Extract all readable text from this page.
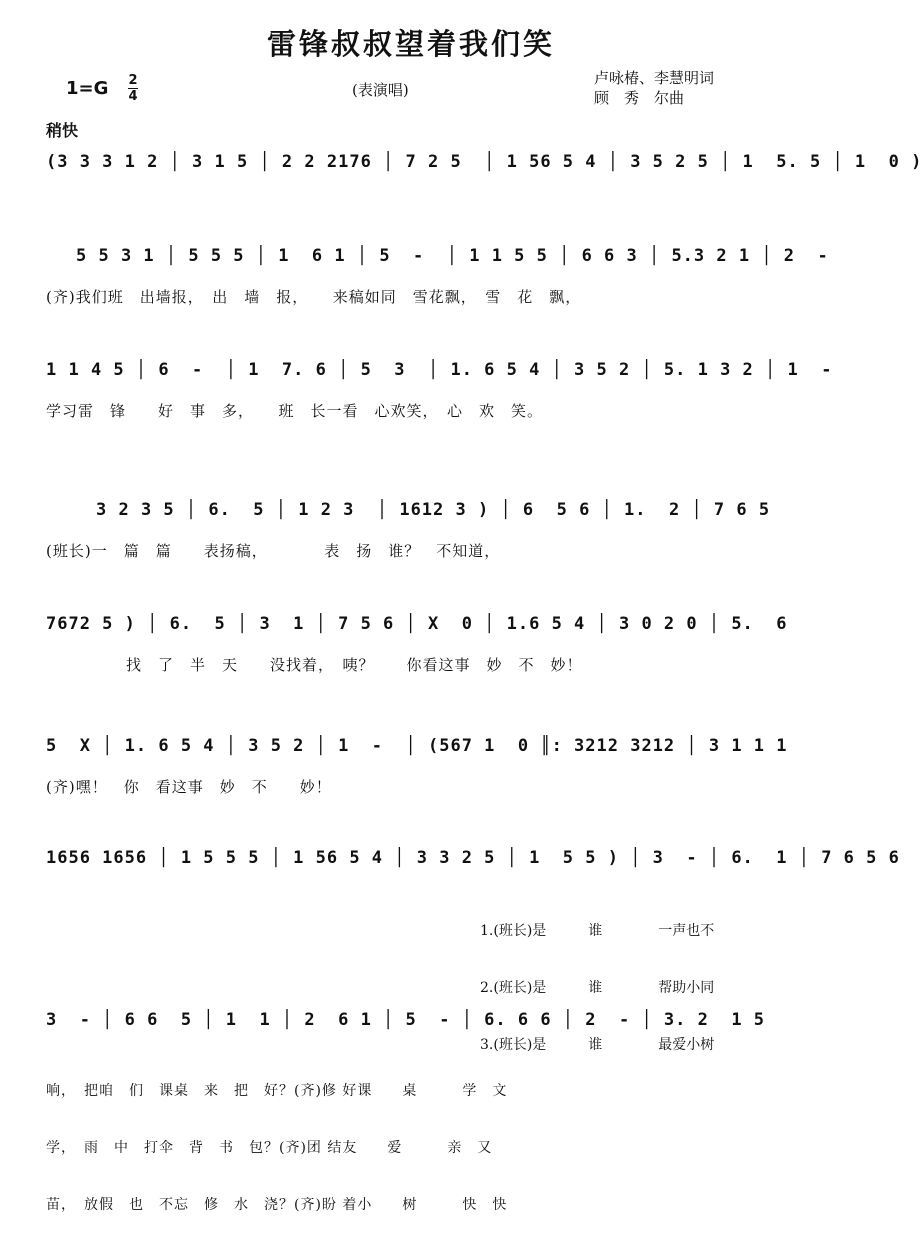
雷锋叔叔望着我们笑
1=G 2
4	(表演唱)
卢咏椿、李慧明词
顾　秀　尔曲
稍快
(3 3 3 1 2 │ 3 1 5 │ 2 2 2176 │ 7 2 5  │ 1 56 5 4 │ 3 5 2 5 │ 1  5. 5 │ 1  0 )
5 5 3 1 │ 5 5 5 │ 1  6 1 │ 5  -  │ 1 1 5 5 │ 6 6 3 │ 5.3 2 1 │ 2  -
(齐)我们班　出墙报，　出　墙　报，　　来稿如同　雪花飘，　雪　花　飘，
1 1 4 5 │ 6  -  │ 1  7. 6 │ 5  3  │ 1. 6 5 4 │ 3 5 2 │ 5. 1 3 2 │ 1  -
学习雷　锋　　好　事　多，　　班　长一看　心欢笑，　心　欢　笑。
3 2 3 5 │ 6.  5 │ 1 2 3  │ 1612 3 ) │ 6  5 6 │ 1.  2 │ 7 6 5
(班长)一　篇　篇　　表扬稿，　　　　表　扬　谁？　不知道，
7672 5 ) │ 6.  5 │ 3  1 │ 7 5 6 │ X  0 │ 1.6 5 4 │ 3 0 2 0 │ 5.  6
　　　　　找　了　半　天　　没找着，　咦？　　你看这事　妙　不　妙！
5  X │ 1. 6 5 4 │ 3 5 2 │ 1  -  │ (567 1  0 ║: 3212 3212 │ 3 1 1 1
(齐)嘿！　你　看这事　妙　不　　妙！
1656 1656 │ 1 5 5 5 │ 1 56 5 4 │ 3 3 2 5 │ 1  5 5 ) │ 3  - │ 6.  1 │ 7 6 5 6

1.(班长)是　　　谁　　　　一声也不

2.(班长)是　　　谁　　　　帮助小同

3.(班长)是　　　谁　　　　最爱小树

3  - │ 6 6  5 │ 1  1 │ 2  6 1 │ 5  - │ 6. 6 6 │ 2  - │ 3. 2  1 5

响，　把咱　们　课桌　来　把　好？(齐)修 好课　　桌　　　学　文

学，　雨　中　打伞　背　书　包？(齐)团 结友　　爱　　　亲　又

苗，　放假　也　不忘　修　水　浇？(齐)盼 着小　　树　　　快　快
